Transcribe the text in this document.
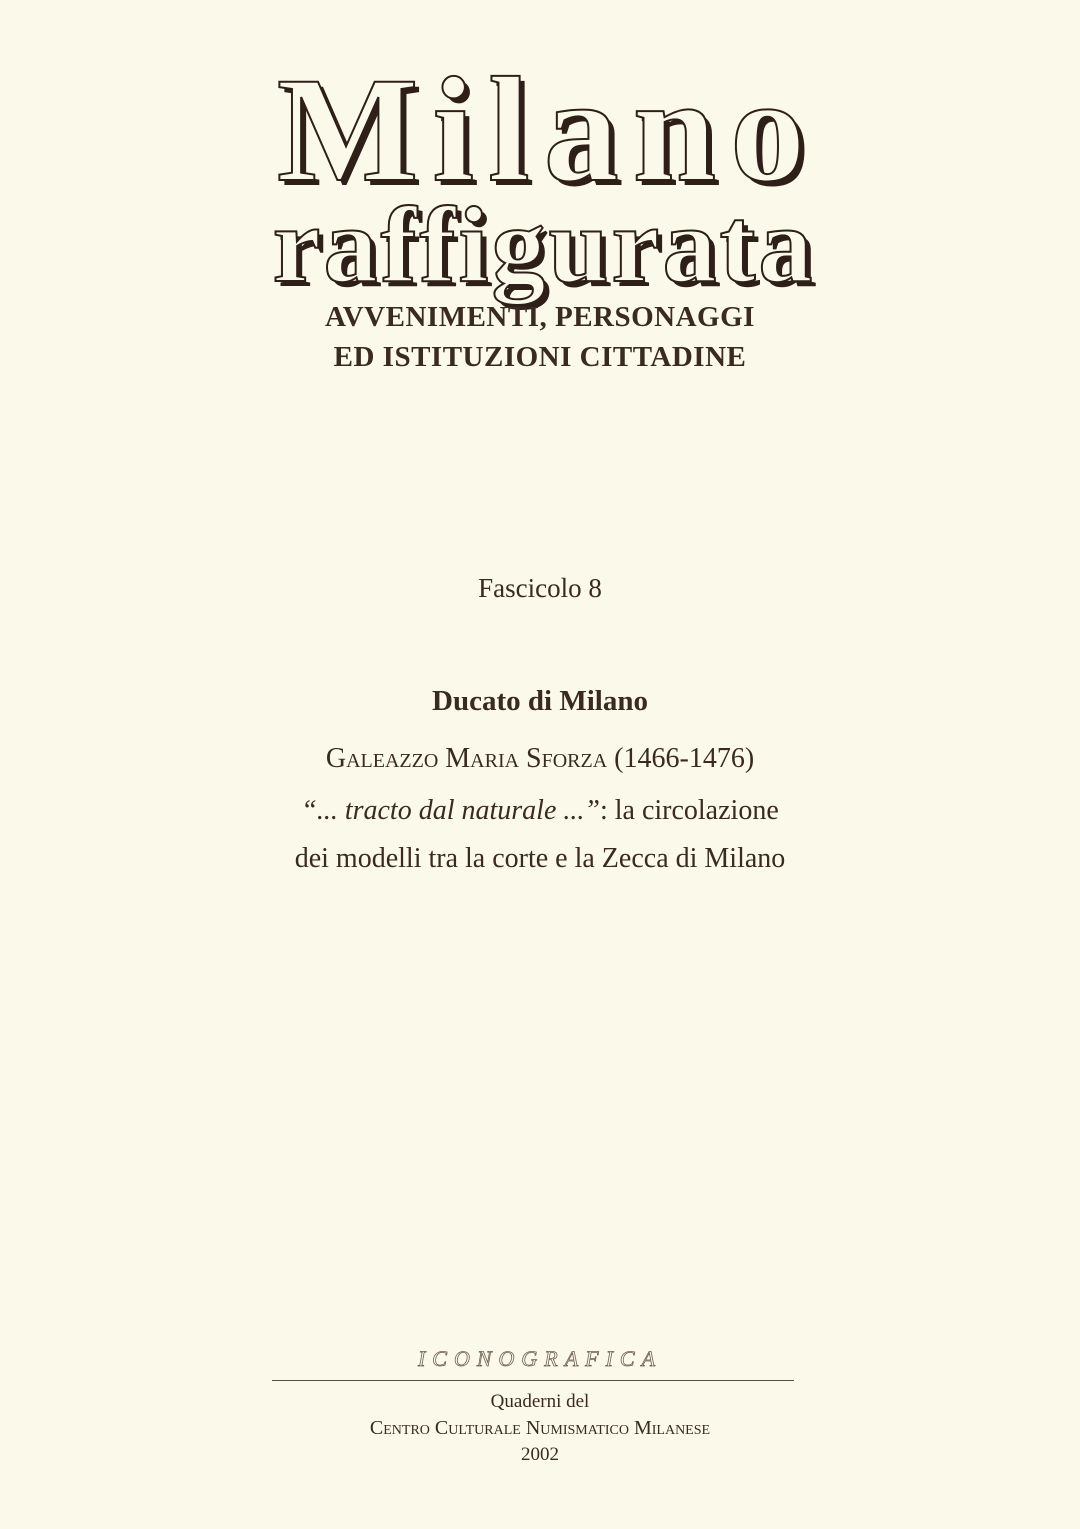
Milano
raffigurata
AVVENIMENTI, PERSONAGGI
ED ISTITUZIONI CITTADINE
Fascicolo 8
Ducato di Milano
Galeazzo Maria Sforza (1466-1476)
“... tracto dal naturale ...”: la circolazione
dei modelli tra la corte e la Zecca di Milano
ICONOGRAFICA
Quaderni del
Centro Culturale Numismatico Milanese
2002
